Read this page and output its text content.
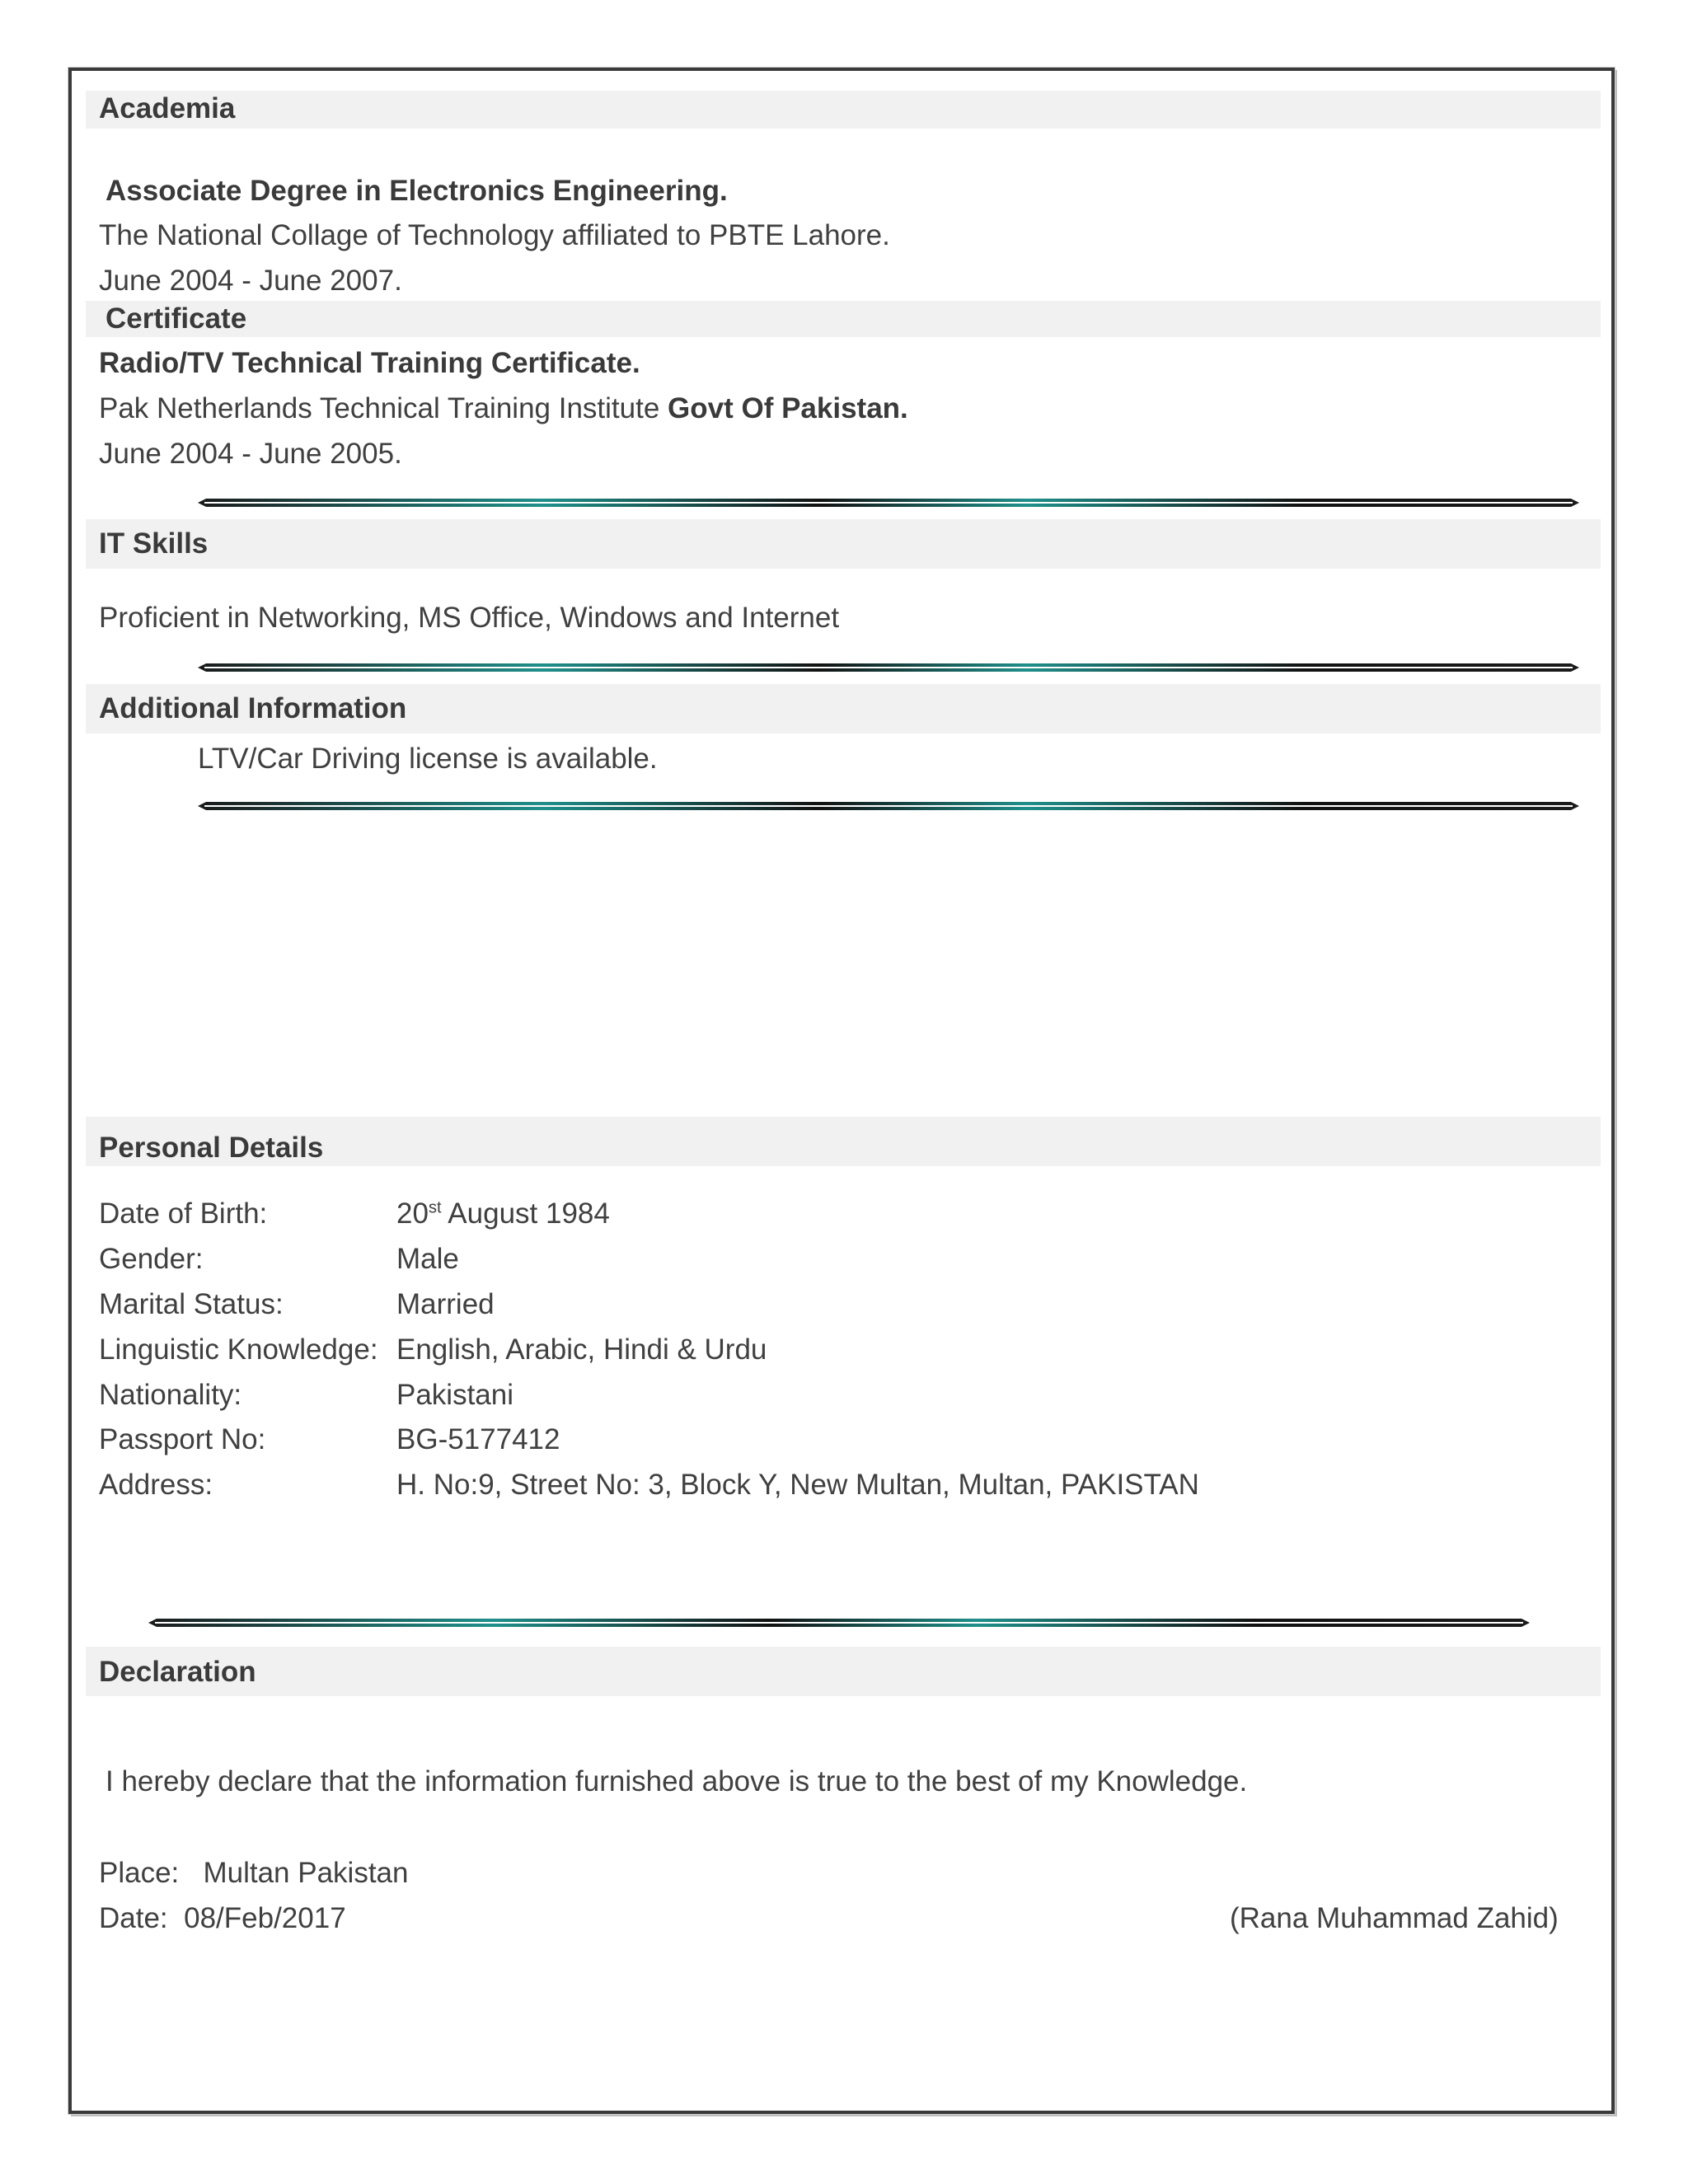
Academia
Associate Degree in Electronics Engineering.
The National Collage of Technology affiliated to PBTE Lahore.
June 2004 - June 2007.
Certificate
Radio/TV Technical Training Certificate.
Pak Netherlands Technical Training Institute Govt Of Pakistan.
June 2004 - June 2005.
IT Skills
Proficient in Networking, MS Office, Windows and Internet
Additional Information
LTV/Car Driving license is available.
Personal Details
Date of Birth:	20st August 1984
Gender:	Male
Marital Status:	Married
Linguistic Knowledge: English, Arabic, Hindi & Urdu
Nationality:	Pakistani
Passport No:	BG-5177412
Address:	H. No:9, Street No: 3, Block Y, New Multan, Multan, PAKISTAN
Declaration
I hereby declare that the information furnished above is true to the best of my Knowledge.
Place: Multan Pakistan
Date: 08/Feb/2017	(Rana Muhammad Zahid)
